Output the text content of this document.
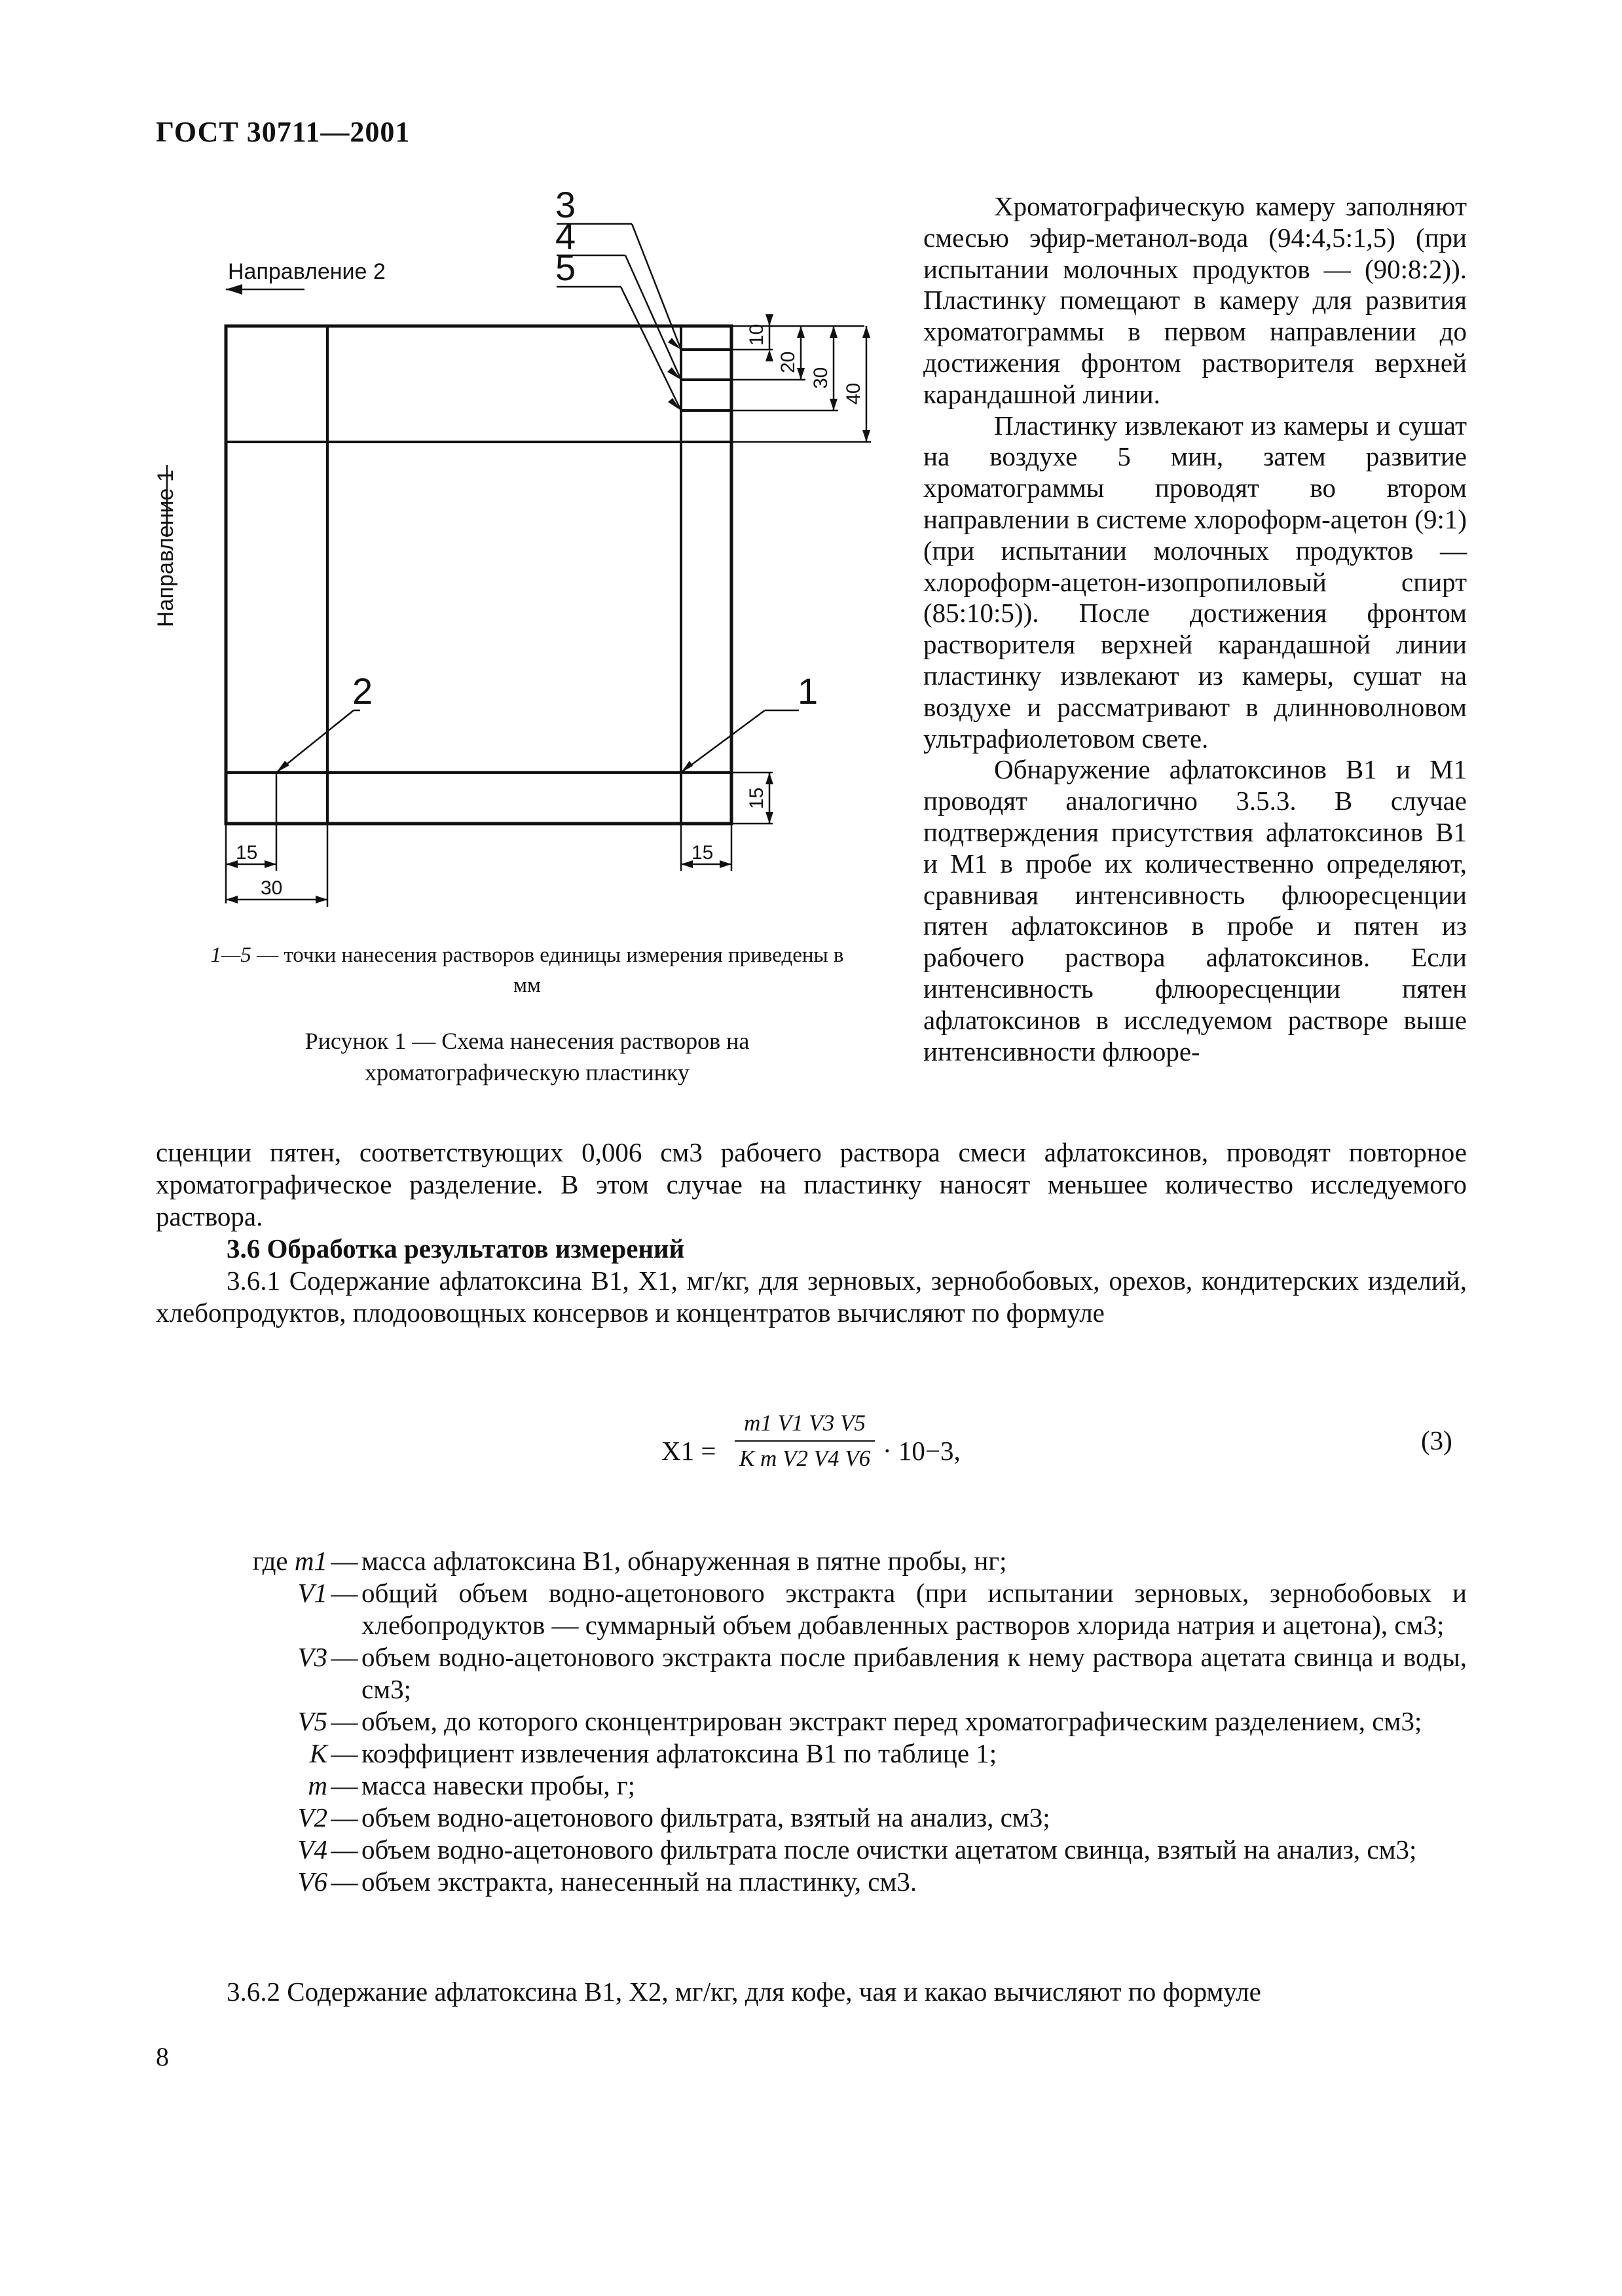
ГОСТ 30711—2001
Направление 2
Направление 1
3
4
5
1
2
10
20
30
40
15
15
30
15
1—5 — точки нанесения растворов единицы измерения приведены в мм
Рисунок 1 — Схема нанесения растворов на хроматографическую пластинку

Хроматографическую камеру заполняют смесью эфир-метанол-вода (94:4,5:1,5) (при испытании молочных продуктов — (90:8:2)). Пластинку помещают в камеру для развития хроматограммы в первом направлении до достижения фронтом растворителя верхней карандашной линии.

Пластинку извлекают из камеры и сушат на воздухе 5 мин, затем развитие хроматограммы проводят во втором направлении в системе хлороформ-ацетон (9:1) (при испытании молочных продуктов — хлороформ-ацетон-изопропиловый спирт (85:10:5)). После достижения фронтом растворителя верхней карандашной линии пластинку извлекают из камеры, сушат на воздухе и рассматривают в длинноволновом ультрафиолетовом свете.

Обнаружение афлатоксинов B1 и M1 проводят аналогично 3.5.3. В случае подтверждения присутствия афлатоксинов B1 и M1 в пробе их количественно определяют, сравнивая интенсивность флюоресценции пятен афлатоксинов в пробе и пятен из рабочего раствора афлатоксинов. Если интенсивность флюоресценции пятен афлатоксинов в исследуемом растворе выше интенсивности флюоре-

сценции пятен, соответствующих 0,006 см3 рабочего раствора смеси афлатоксинов, проводят повторное хроматографическое разделение. В этом случае на пластинку наносят меньшее количество исследуемого раствора.

3.6 Обработка результатов измерений

3.6.1 Содержание афлатоксина B1, X1, мг/кг, для зерновых, зернобобовых, орехов, кондитерских изделий, хлебопродуктов, плодоовощных консервов и концентратов вычисляют по формуле

X1 =
m1 V1 V3 V5
K m V2 V4 V6 · 10−3,	(3)
где m1 — масса афлатоксина B1, обнаруженная в пятне пробы, нг;
V1 — общий объем водно-ацетонового экстракта (при испытании зерновых, зернобобовых и хлебопродуктов — суммарный объем добавленных растворов хлорида натрия и ацетона), см3;
V3 — объем водно-ацетонового экстракта после прибавления к нему раствора ацетата свинца и воды, см3;
V5 — объем, до которого сконцентрирован экстракт перед хроматографическим разделением, см3;
K — коэффициент извлечения афлатоксина B1 по таблице 1;
m — масса навески пробы, г;
V2 — объем водно-ацетонового фильтрата, взятый на анализ, см3;
V4 — объем водно-ацетонового фильтрата после очистки ацетатом свинца, взятый на анализ, см3;
V6 — объем экстракта, нанесенный на пластинку, см3.
3.6.2 Содержание афлатоксина B1, X2, мг/кг, для кофе, чая и какао вычисляют по формуле
8
